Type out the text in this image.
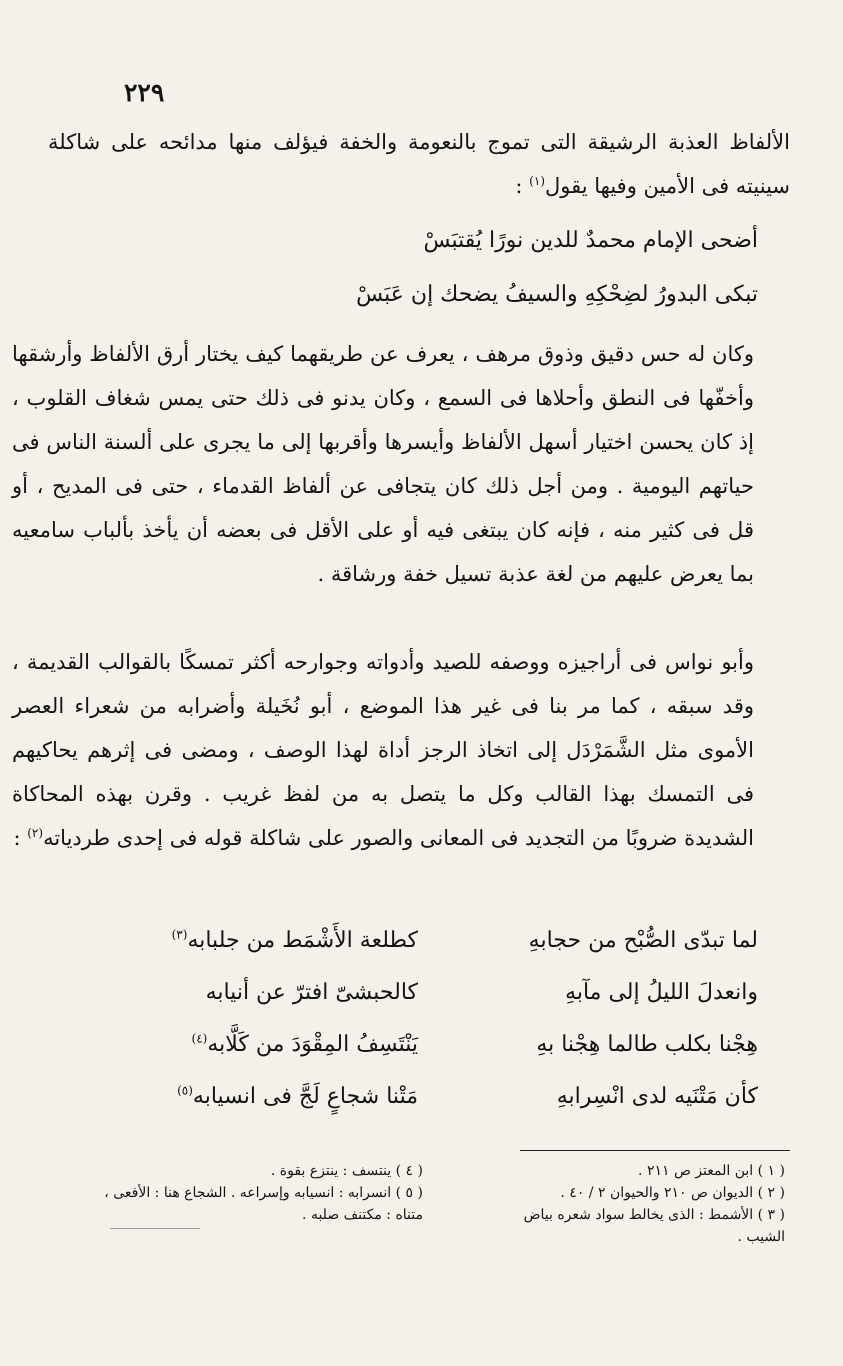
٢٢٩
الألفاظ العذبة الرشيقة التى تموج بالنعومة والخفة فيؤلف منها مدائحه على شاكلة سينيته فى الأمين وفيها يقول$^{(١)}$ :
أضحى الإمام محمدٌ للدين نورًا يُقتبَسْ
تبكى البدورُ لضِحْكِهِ والسيفُ يضحك إن عَبَسْ
وكان له حس دقيق وذوق مرهف ، يعرف عن طريقهما كيف يختار أرق الألفاظ وأرشقها وأخفّها فى النطق وأحلاها فى السمع ، وكان يدنو فى ذلك حتى يمس شغاف القلوب ، إذ كان يحسن اختيار أسهل الألفاظ وأيسرها وأقربها إلى ما يجرى على ألسنة الناس فى حياتهم اليومية . ومن أجل ذلك كان يتجافى عن ألفاظ القدماء ، حتى فى المديح ، أو قل فى كثير منه ، فإنه كان يبتغى فيه أو على الأقل فى بعضه أن يأخذ بألباب سامعيه بما يعرض عليهم من لغة عذبة تسيل خفة ورشاقة .
وأبو نواس فى أراجيزه ووصفه للصيد وأدواته وجوارحه أكثر تمسكًا بالقوالب القديمة ، وقد سبقه ، كما مر بنا فى غير هذا الموضع ، أبو نُخَيلة وأضرابه من شعراء العصر الأموى مثل الشَّمَرْدَل إلى اتخاذ الرجز أداة لهذا الوصف ، ومضى فى إثرهم يحاكيهم فى التمسك بهذا القالب وكل ما يتصل به من لفظ غريب . وقرن بهذه المحاكاة الشديدة ضروبًا من التجديد فى المعانى والصور على شاكلة قوله فى إحدى طردياته$^{(٢)}$ :
لما تبدّى الصُّبْح من حجابهِ
كطلعة الأَشْمَط من جلبابه$^{(٣)}$
وانعدلَ الليلُ إلى مآبهِ
كالحبشىّ افترّ عن أنيابه
هِجْنا بكلب طالما هِجْنا بهِ
يَنْتَسِفُ المِقْوَدَ من كَلَّابه$^{(٤)}$
كأن مَتْنَيه لدى انْسِرابهِ
مَتْنا شجاعٍ لَجَّ فى انسيابه$^{(٥)}$
( ١ ) ابن المعتز ص ٢١١ .
( ٢ ) الديوان ص ٢١٠ والحيوان ٢ / ٤٠ .
( ٣ ) الأشمط : الذى يخالط سواد شعره بياض الشيب .
( ٤ ) ينتسف : ينتزع بقوة .
( ٥ ) انسرابه : انسيابه وإسراعه . الشجاع هنا : الأفعى ، متناه : مكتنف صلبه .
